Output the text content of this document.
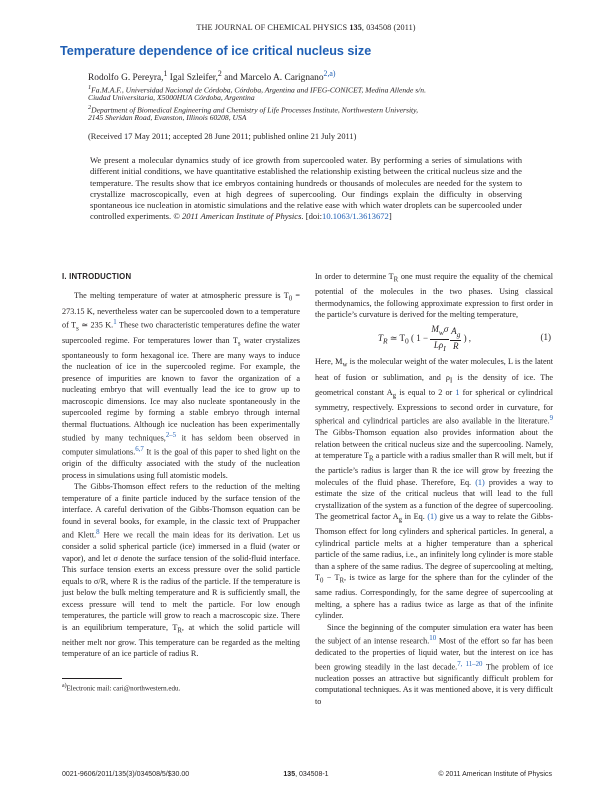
THE JOURNAL OF CHEMICAL PHYSICS 135, 034508 (2011)
Temperature dependence of ice critical nucleus size
Rodolfo G. Pereyra,$^1$ Igal Szleifer,$^2$ and Marcelo A. Carignano$^{2,a)}$
$^1$Fa.M.A.F., Universidad Nacional de Córdoba, Córdoba, Argentina and IFEG-CONICET, Medina Allende s/n.
Ciudad Universitaria, X5000HUA Córdoba, Argentina
$^2$Department of Biomedical Engineering and Chemistry of Life Processes Institute, Northwestern University,
2145 Sheridan Road, Evanston, Illinois 60208, USA
(Received 17 May 2011; accepted 28 June 2011; published online 21 July 2011)
We present a molecular dynamics study of ice growth from supercooled water. By performing a series of simulations with different initial conditions, we have quantitative established the relationship existing between the critical nucleus size and the temperature. The results show that ice embryos containing hundreds or thousands of molecules are needed for the system to crystallize macroscopically, even at high degrees of supercooling. Our findings explain the difficulty in observing spontaneous ice nucleation in atomistic simulations and the relative ease with which water droplets can be supercooled under controlled experiments. © 2011 American Institute of Physics. [doi:10.1063/1.3613672]
I. INTRODUCTION

The melting temperature of water at atmospheric pressure is $T_0 = 273.15$ K, nevertheless water can be supercooled down to a temperature of $T_s$ ≃ 235 K.$^1$ These two characteristic temperatures define the water supercooled regime. For temperatures lower than $T_s$ water crystalizes spontaneously to form hexagonal ice. There are many ways to induce the nucleation of ice in the supercooled regime. For example, the presence of impurities are known to favor the organization of a nucleating embryo that will eventually lead the ice to grow up to macroscopic dimensions. Ice may also nucleate spontaneously in the supercooled regime by forming a stable embryo through internal thermal fluctuations. Although ice nucleation has been experimentally studied by many techniques,$^{2-5}$ it has seldom been observed in computer simulations.$^{6,7}$ It is the goal of this paper to shed light on the origin of the difficulty associated with the study of the nucleation process in simulations using full atomistic models.

The Gibbs-Thomson effect refers to the reduction of the melting temperature of a finite particle induced by the surface tension of the interface. A careful derivation of the Gibbs-Thomson equation can be found in several books, for example, in the classic text of Pruppacher and Klett.$^8$ Here we recall the main ideas for its derivation. Let us consider a solid spherical particle (ice) immersed in a fluid (water or vapor), and let σ denote the surface tension of the solid-fluid interface. This surface tension exerts an excess pressure over the solid particle equals to σ/R, where R is the radius of the particle. If the temperature is just below the bulk melting temperature and R is sufficiently small, the excess pressure will tend to melt the particle. For low enough temperatures, the particle will grow to reach a macroscopic size. There is an equilibrium temperature, $T_R$, at which the solid particle will neither melt nor grow. This temperature can be regarded as the melting temperature of an ice particle of radius R.

In order to determine $T_R$ one must require the equality of the chemical potential of the molecules in the two phases. Using classical thermodynamics, the following approximate expression to first order in the particle’s curvature is derived for the melting temperature,

$T_R$ ≃ $T_0$ ( 1 −
$M_w\sigma$
$L\rho_I$
  $\frac{A_g}{R}$ ) ,	(1)

Here, $M_w$ is the molecular weight of the water molecules, L is the latent heat of fusion or sublimation, and $\rho_I$ is the density of ice. The geometrical constant $A_g$ is equal to 2 or 1 for spherical or cylindrical symmetry, respectively. Expressions to second order in curvature, for spherical and cylindrical particles are also available in the literature.$^9$ The Gibbs-Thomson equation also provides information about the relation between the critical nucleus size and the supercooling. Namely, at temperature $T_R$ a particle with a radius smaller than R will melt, but if the particle’s radius is larger than R the ice will grow by freezing the molecules of the fluid phase. Therefore, Eq. (1) provides a way to estimate the size of the critical nucleus that will lead to the full crystallization of the system as a function of the degree of supercooling. The geometrical factor $A_g$ in Eq. (1) give us a way to relate the Gibbs-Thomson effect for long cylinders and spherical particles. In general, a cylindrical particle melts at a higher temperature than a spherical particle of the same radius, i.e., an infinitely long cylinder is more stable than a sphere of the same radius. The degree of supercooling at melting, $T_0 - T_R$, is twice as large for the sphere than for the cylinder of the same radius. Correspondingly, for the same degree of supercooling at melting, a sphere has a radius twice as large as that of the infinite cylinder.

Since the beginning of the computer simulation era water has been the subject of an intense research.$^{10}$ Most of the effort so far has been dedicated to the properties of liquid water, but the interest on ice has been growing steadily in the last decade.$^{7, 11-20}$ The problem of ice nucleation posses an attractive but significantly difficult problem for computational techniques. As it was mentioned above, it is very difficult to

$^{a)}$Electronic mail: cari@northwestern.edu.
0021-9606/2011/135(3)/034508/5/$30.00	135, 034508-1	© 2011 American Institute of Physics
